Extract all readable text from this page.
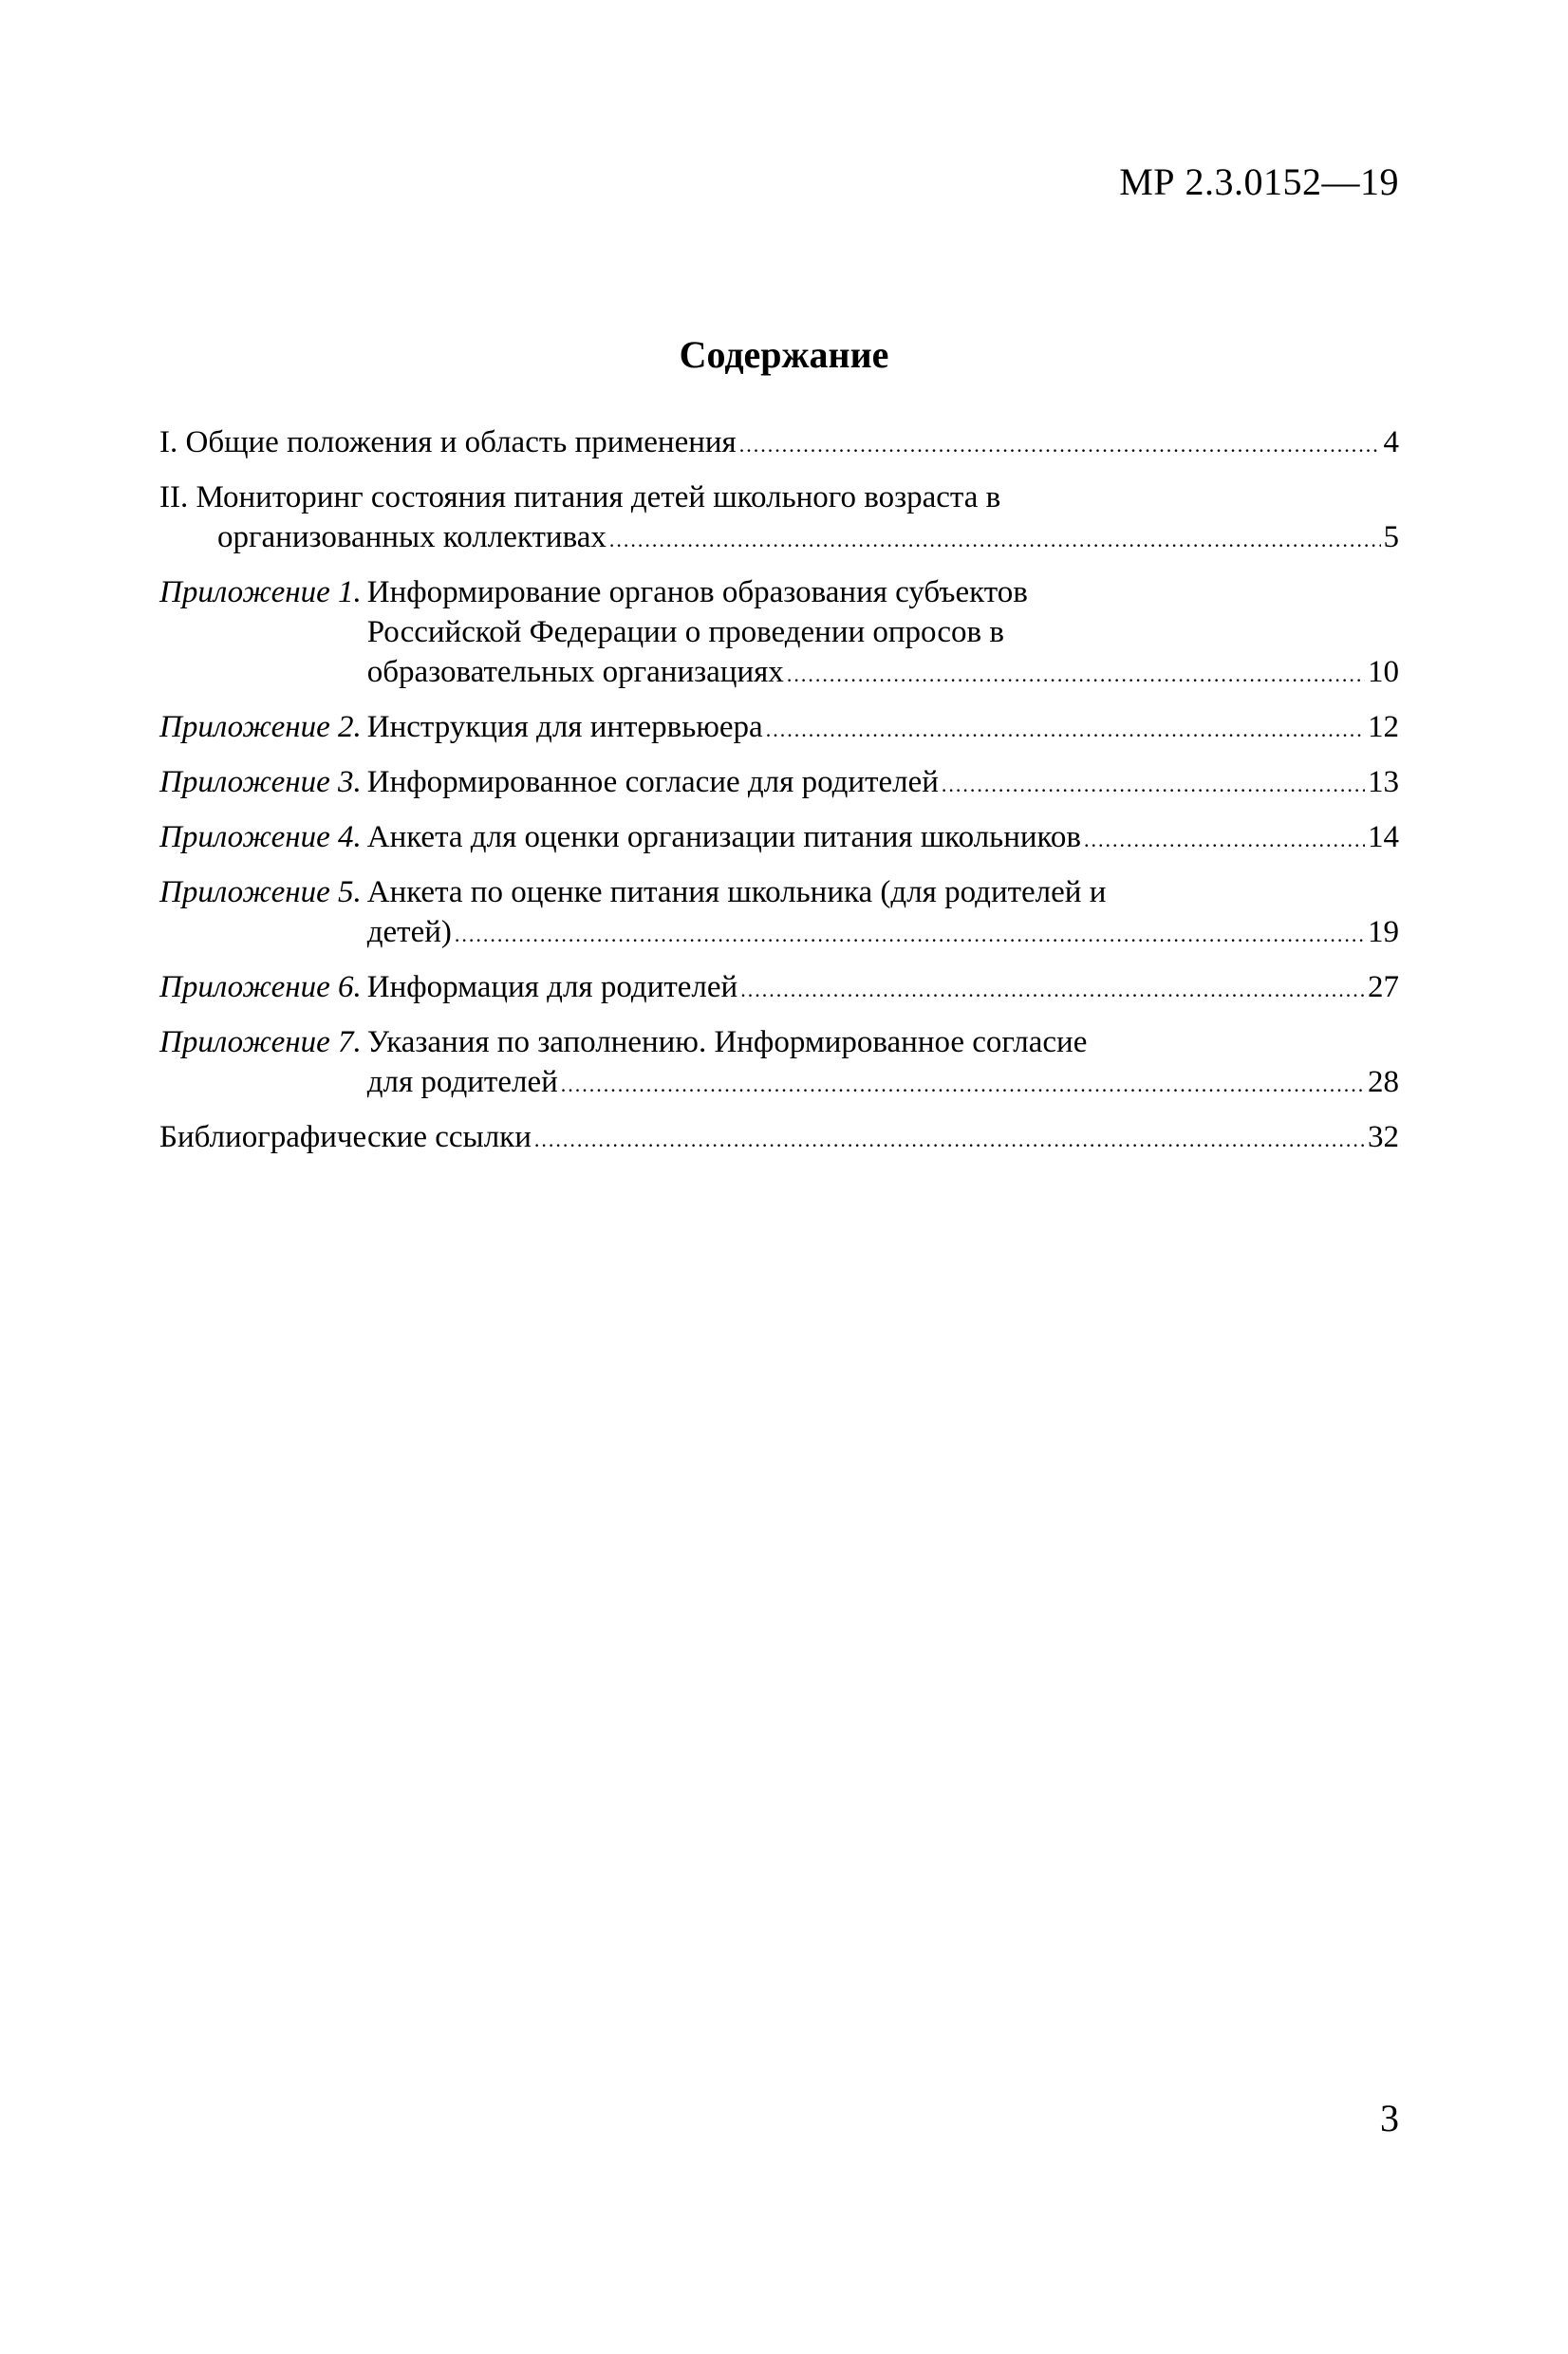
МР 2.3.0152—19
Содержание
I. Общие положения и область применения .....	4
II. Мониторинг состояния питания детей школьного возраста в
организованных коллективах .....	5
Приложение 1. Информирование органов образования субъектов
Российской Федерации о проведении опросов в
образовательных организациях .....	10
Приложение 2. Инструкция для интервьюера .....	12
Приложение 3. Информированное согласие для родителей .....	13
Приложение 4. Анкета для оценки организации питания школьников .....	14
Приложение 5. Анкета по оценке питания школьника (для родителей и
детей) .....	19
Приложение 6. Информация для родителей .....	27
Приложение 7. Указания по заполнению. Информированное согласие
для родителей .....	28
Библиографические ссылки .....	32
3
